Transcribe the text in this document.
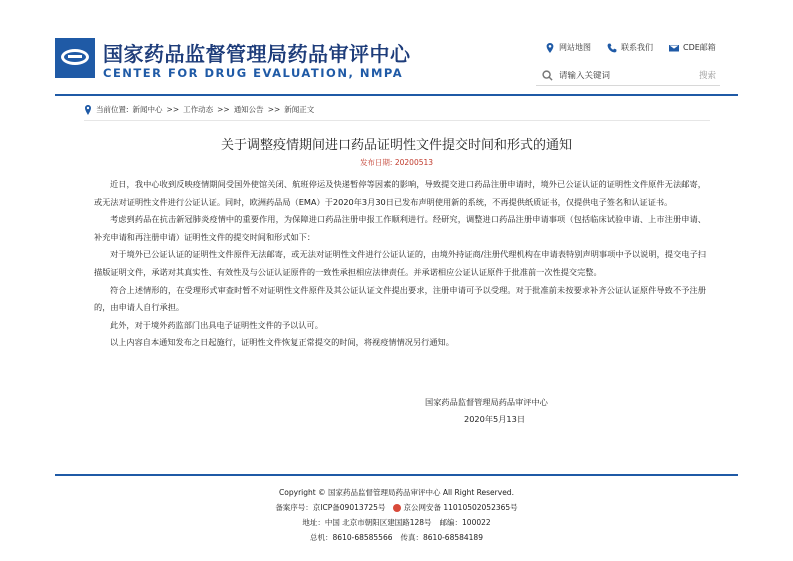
国家药品监督管理局药品审评中心
CENTER FOR DRUG EVALUATION, NMPA
网站地图	联系我们	CDE邮箱
请输入关键词
搜索
当前位置: 新闻中心 >> 工作动态 >> 通知公告 >> 新闻正文
关于调整疫情期间进口药品证明性文件提交时间和形式的通知
发布日期: 20200513

近日，我中心收到反映疫情期间受国外使馆关闭、航班停运及快递暂停等因素的影响，导致提交进口药品注册申请时，境外已公证认证的证明性文件原件无法邮寄，或无法对证明性文件进行公证认证。同时，欧洲药品局（EMA）于2020年3月30日已发布声明使用新的系统，不再提供纸质证书，仅提供电子签名和认证证书。

考虑到药品在抗击新冠肺炎疫情中的重要作用，为保障进口药品注册申报工作顺利进行。经研究，调整进口药品注册申请事项（包括临床试验申请、上市注册申请、补充申请和再注册申请）证明性文件的提交时间和形式如下：

对于境外已公证认证的证明性文件原件无法邮寄，或无法对证明性文件进行公证认证的，由境外持证商/注册代理机构在申请表特别声明事项中予以说明，提交电子扫描版证明文件，承诺对其真实性、有效性及与公证认证原件的一致性承担相应法律责任。并承诺相应公证认证原件于批准前一次性提交完整。

符合上述情形的，在受理形式审查时暂不对证明性文件原件及其公证认证文件提出要求，注册申请可予以受理。对于批准前未按要求补齐公证认证原件导致不予注册的，由申请人自行承担。

此外，对于境外药监部门出具电子证明性文件的予以认可。

以上内容自本通知发布之日起施行，证明性文件恢复正常提交的时间，将视疫情情况另行通知。

国家药品监督管理局药品审评中心
2020年5月13日
Copyright © 国家药品监督管理局药品审评中心 All Right Reserved.
备案序号：京ICP备09013725号	京公网安备 11010502052365号
地址：中国 北京市朝阳区建国路128号 邮编：100022
总机：8610-68585566 传真：8610-68584189
